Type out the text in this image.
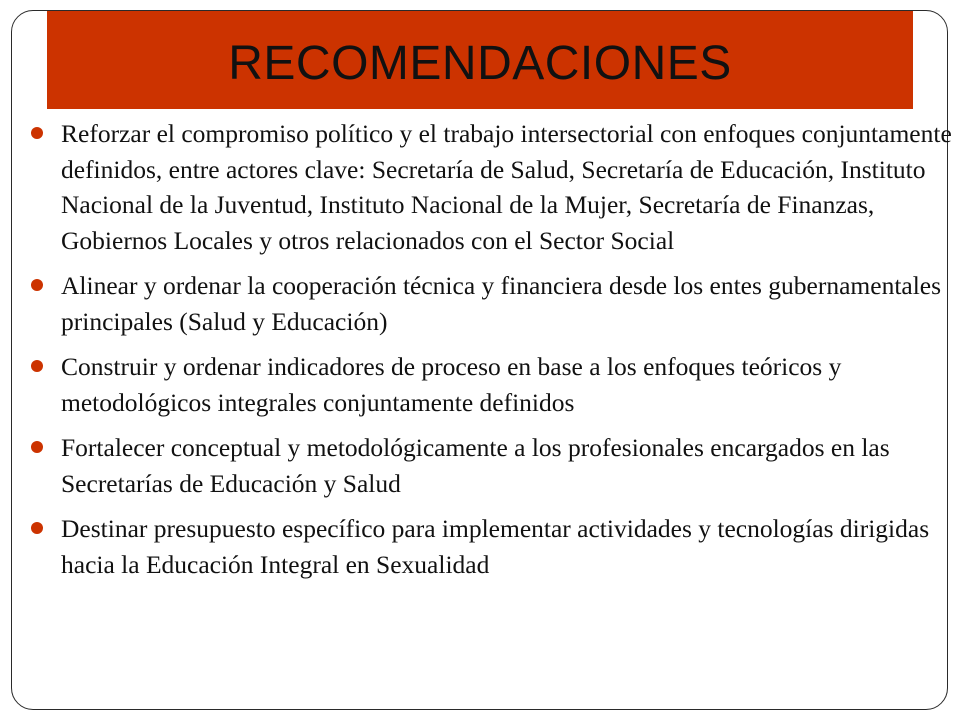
RECOMENDACIONES
Reforzar el compromiso político y el trabajo intersectorial con enfoques conjuntamente definidos, entre actores clave: Secretaría de Salud, Secretaría de Educación, Instituto Nacional de la Juventud, Instituto Nacional de la Mujer, Secretaría de Finanzas, Gobiernos Locales y otros relacionados con el Sector Social
Alinear y ordenar la cooperación técnica y financiera desde los entes gubernamentales principales (Salud y Educación)
Construir y ordenar indicadores de proceso en base a los enfoques teóricos y metodológicos integrales conjuntamente definidos
Fortalecer conceptual y metodológicamente a los profesionales encargados en las Secretarías de Educación y Salud
Destinar presupuesto específico para implementar actividades y tecnologías dirigidas hacia la Educación Integral en Sexualidad
